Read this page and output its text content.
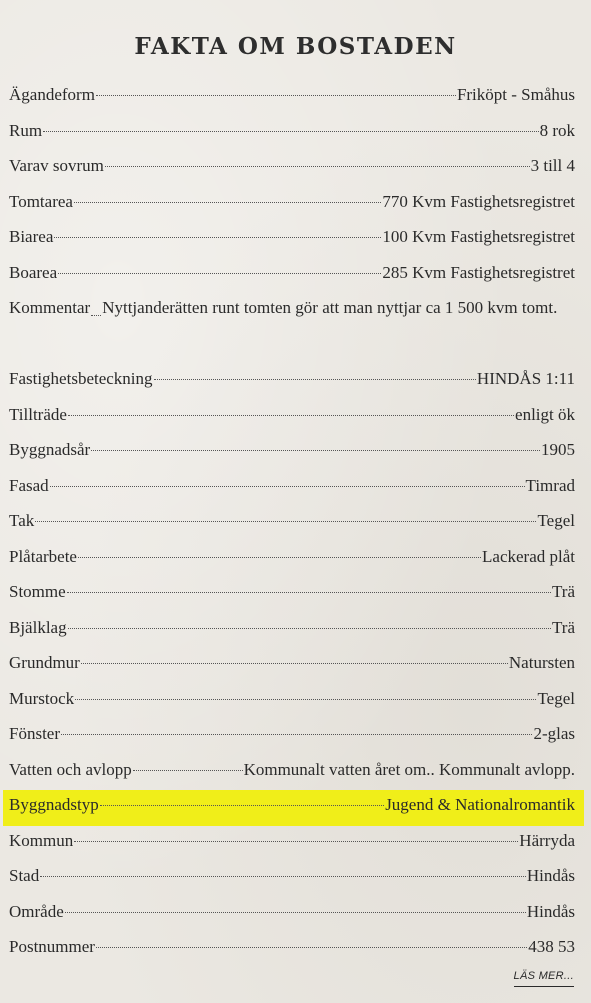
FAKTA OM BOSTADEN
Ägandeform	Friköpt - Småhus
Rum	8 rok
Varav sovrum	3 till 4
Tomtarea	770 Kvm Fastighetsregistret
Biarea	100 Kvm Fastighetsregistret
Boarea	285 Kvm Fastighetsregistret
Kommentar Nyttjanderätten runt tomten gör att man nyttjar ca 1 500 kvm tomt.
Fastighetsbeteckning	HINDÅS 1:11
Tillträde	enligt ök
Byggnadsår	1905
Fasad	Timrad
Tak	Tegel
Plåtarbete	Lackerad plåt
Stomme	Trä
Bjälklag	Trä
Grundmur	Natursten
Murstock	Tegel
Fönster	2-glas
Vatten och avlopp	Kommunalt vatten året om.. Kommunalt avlopp.
Byggnadstyp	Jugend & Nationalromantik
Kommun	Härryda
Stad	Hindås
Område	Hindås
Postnummer	438 53
LÄS MER...
